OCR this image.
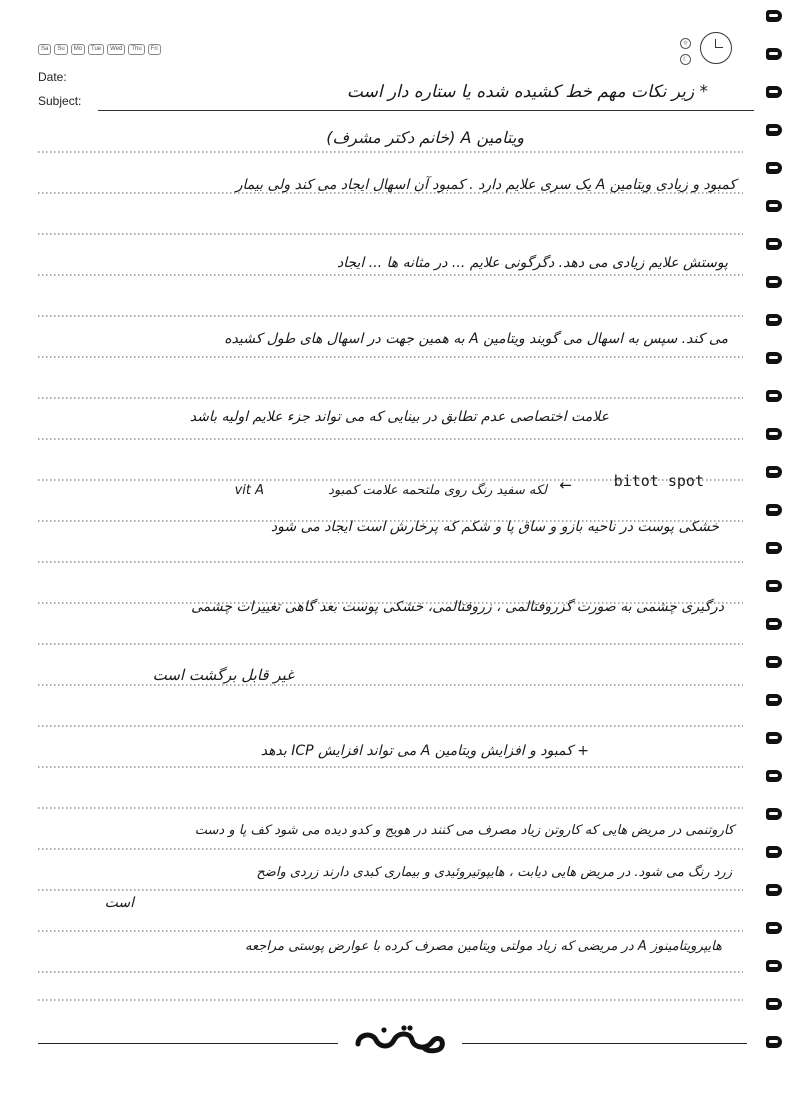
Sa	Su	Mo	Tue	Wed	Thu	Fri
☼
☾
Date:
Subject:	* زیر نکات مهم خط کشیده شده یا ستاره دار است
ویتامین A (خانم دکتر مشرف)
کمبود و زیادی ویتامین A یک سری علایم دارد . کمبود آن اسهال ایجاد می کند ولی بیمار
پوستش علایم زیادی می دهد. دگرگونی علایم ... در مثانه ها ... ایجاد
می کند. سپس به اسهال می گویند ویتامین A به همین جهت در اسهال های طول کشیده
علامت اختصاصی عدم تطابق در بینایی که می تواند جزء علایم اولیه باشد
bitot spot
←
لکه سفید رنگ روی ملتحمه علامت کمبود
vit A
خشکی پوست در ناحیه بازو و ساق پا و شکم که پرخارش است ایجاد می شود
درگیری چشمی به صورت گزروفتالمی ، زروفتالمی، خشکی پوست بعد گاهی تغییرات چشمی
غیر قابل برگشت است
+ کمبود و افزایش ویتامین A می تواند افزایش ICP بدهد
کاروتنمی در مریض هایی که کاروتن زیاد مصرف می کنند در هویج و کدو دیده می شود کف پا و دست
زرد رنگ می شود. در مریض هایی دیابت ، هایپوتیروئیدی و بیماری کبدی دارند زردی واضح
است
هایپرویتامینوز A در مریضی که زیاد مولتی ویتامین مصرف کرده با عوارض پوستی مراجعه
